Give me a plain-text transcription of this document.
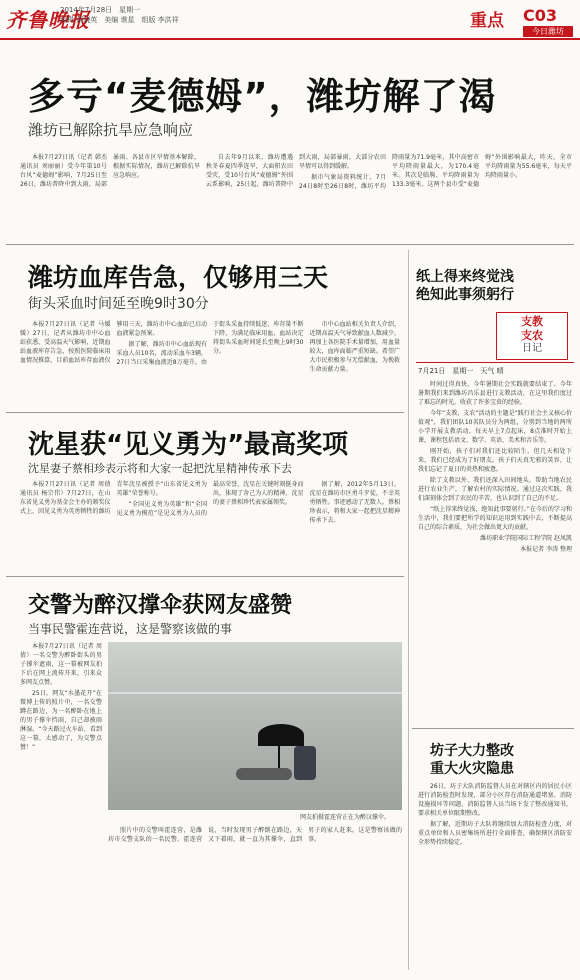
齐鲁晚报
2014年7月28日　星期一
编辑 薪晓英　美编 谯星　组版 李洪祥	重点 C03
今日潍坊
多亏“麦德姆”，潍坊解了渴
潍坊已解除抗旱应急响应

本报7月27日讯（记者 韩杰 通讯员 刘丽丽）受今年第10号台风“麦德姆”影响，7月25日至26日，潍坊普降中到大雨，局部暴雨。各县市区旱情基本解除，根据实际情况，潍坊已解除抗旱应急响应。

自去年9月以来，潍坊遭遇秋冬春夏四季连旱，大面积农田受灾，受10号台风“麦德姆”外围云系影响，25日起，潍坊普降中到大雨，局部暴雨。大部分农田旱情可以得到缓解。

据市气象局资料统计，7月24日8时至26日8时，潍坊平均降雨量为71.9毫米，其中高密市平均降雨量最大，为170.4毫米。其次是临朐、平均降雨量为133.3毫米。这两个县市受“麦德姆”外围影响最大，昨天，全市平均降雨量为55.6毫米，每天平均降雨量小。

潍坊血库告急，仅够用三天
街头采血时间延至晚9时30分

本报7月27日讯（记者 马媛媛）27日，记者从潍坊市中心血站获悉，受高温天气影响，近期血站血液库存告急，按照医院临床用血情况推算，目前血站库存血液仅够用三天，潍坊市中心血站已启动血液紧急预案。

据了解，潍坊市中心血站现有采血人员10名，流动采血车3辆，27日当日采集血液近8万毫升。由于街头采血持续低迷，库存量不断下降，为满足临床用血，血站决定将街头采血时间延长至晚上9时30分。

市中心血站相关负责人介绍，近期高温天气导致献血人数减少，再加上各医院手术量增加，用血量较大，血库面临严重短缺。希望广大市民积极参与无偿献血，为挽救生命贡献力量。

纸上得来终觉浅
绝知此事须躬行
支教
支农
日记
7月21日　星期一　天气 晴

时间过得真快，今年暑期社会实践就要结束了。今年暑期我们来到潍坊昌乐县进行支教活动，在这里我们度过了难忘的时光，收获了许多宝贵的经验。

今年“支教、支农”活动的主题是“践行社会主义核心价值观”，我们团队10名队员分为两组，分别到当地的两所小学开展支教活动。每天早上7点起床，8点准时开始上课，课程包括语文、数学、英语、美术和音乐等。

刚开始，孩子们对我们还比较陌生，但几天相处下来，我们已经成为了好朋友。孩子们天真无邪的笑容，让我们忘记了夏日的炎热和疲惫。

除了支教以外，我们还深入田间地头，帮助当地农民进行农业生产，了解农村的实际情况。通过这次实践，我们深刻体会到了农民的辛苦，也认识到了自己的不足。

“纸上得来终觉浅，绝知此事要躬行。”在今后的学习和生活中，我们要把所学的知识运用到实践中去，不断提高自己的综合素质，为社会做出更大的贡献。

潍坊职业学院国际工程学院 赵凤凯

本报记者 李涛 整理

坊子大力整改
重大火灾隐患

26日，坊子大队消防监督人员在对辖区内的居民小区进行消防检查时发现，部分小区存在消防通道堵塞、消防设施损坏等问题，消防监督人员当场下发了整改通知书，要求相关单位限期整改。

据了解，近期坊子大队将继续加大消防检查力度，对重点单位和人员密集场所进行全面排查，确保辖区消防安全形势持续稳定。

沈星获“见义勇为”最高奖项
沈星妻子蔡相珍表示将和大家一起把沈星精神传承下去

本报7月27日讯（记者 周倩 通讯员 杨宗伟）7月27日，在山东省见义勇为基金会主办的颁奖仪式上，因见义勇为英勇牺牲的潍坊青年沈星被授予“山东省见义勇为英雄”荣誉称号。

“全国见义勇为英雄”和“全国见义勇为模范”是见义勇为人员的最高荣誉，沈星在关键时刻挺身而出，体现了舍己为人的精神，沈星的妻子蔡相珍代表家属领奖。

据了解，2012年5月13日，沈星在潍坊市区勇斗歹徒，不幸英勇牺牲。事迹感动了无数人。蔡相珍表示，将和大家一起把沈星精神传承下去。

交警为醉汉撑伞获网友盛赞
当事民警霍连营说，这是警察该做的事

本报7月27日讯（记者 周倩）一名交警为醉卧街头的男子撑伞遮雨，这一幕被网友拍下后在网上流传开来，引来众多网友点赞。

25日，网友“水墨花开”在微博上传的照片中，一名交警蹲在路边，为一名醉卧在地上的男子撑伞挡雨，自己却被雨淋湿。“今天路过火车站，看到这一幕，太感动了，为交警点赞！”

网友拍摄霍连营正在为醉汉撑伞。

照片中的交警叫霍连营，是潍坊市交警支队的一名民警。霍连营说，当时发现男子醉倒在路边，天又下着雨，就一直为其撑伞，直到男子的家人赶来。这是警察该做的事。
